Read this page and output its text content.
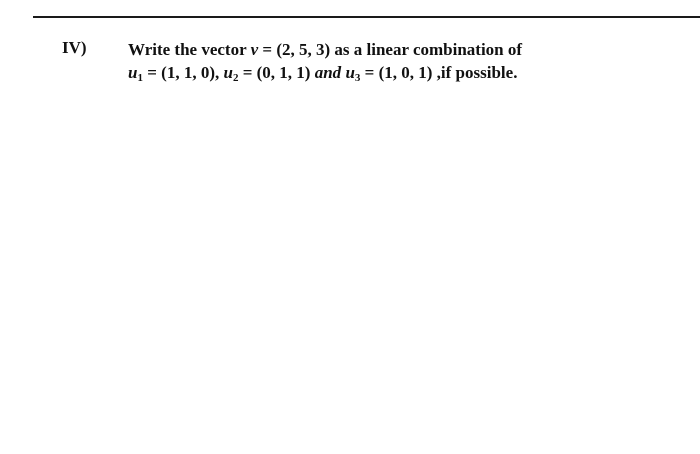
IV) Write the vector v = (2, 5, 3) as a linear combination of
$u_1 = (1$, 1, 0), $u_2 = (0$, 1, 1) and $u_3 = (1$, 0, 1) ,if possible.
